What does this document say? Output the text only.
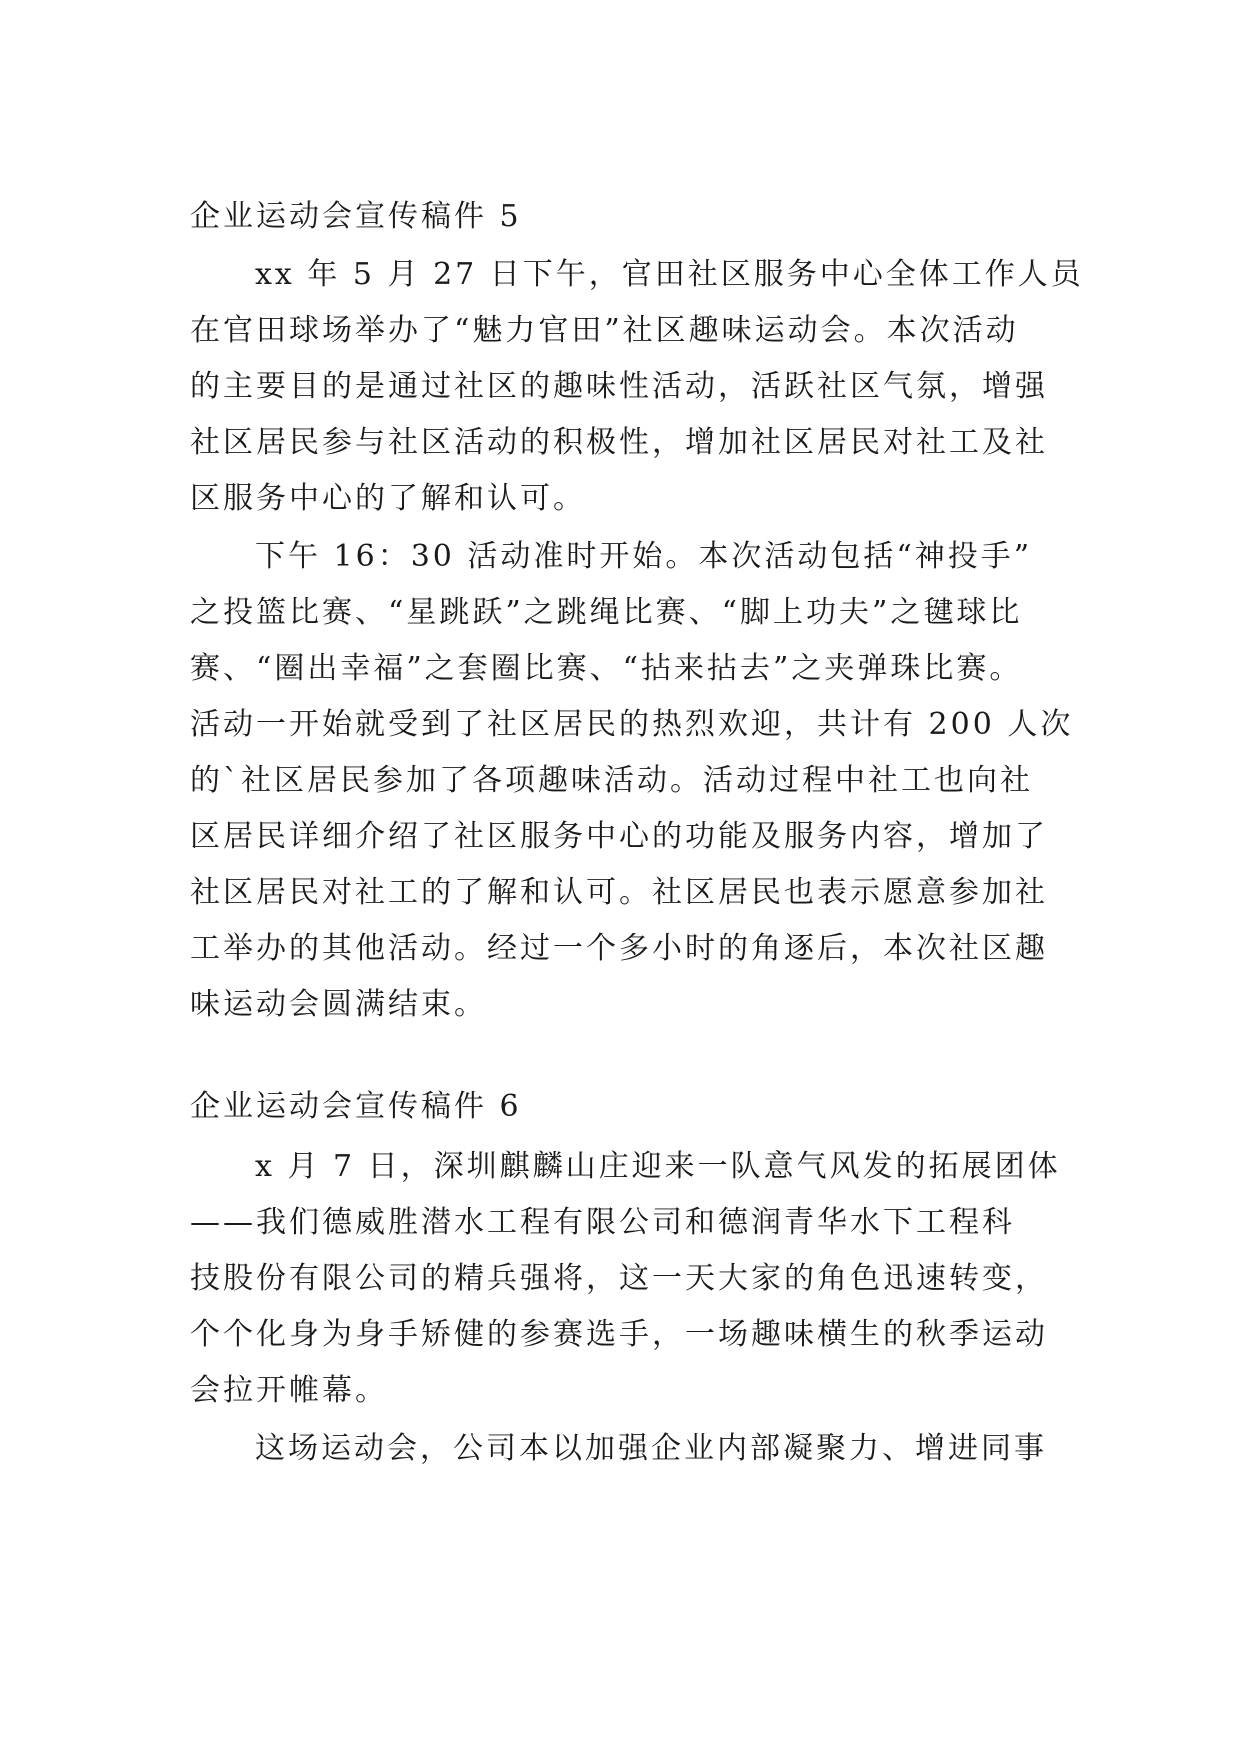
企业运动会宣传稿件 5
xx 年 5 月 27 日下午，官田社区服务中心全体工作人员
在官田球场举办了“魅力官田”社区趣味运动会。本次活动
的主要目的是通过社区的趣味性活动，活跃社区气氛，增强
社区居民参与社区活动的积极性，增加社区居民对社工及社
区服务中心的了解和认可。
下午 16：30 活动准时开始。本次活动包括“神投手”
之投篮比赛、“星跳跃”之跳绳比赛、“脚上功夫”之毽球比
赛、“圈出幸福”之套圈比赛、“拈来拈去”之夹弹珠比赛。
活动一开始就受到了社区居民的热烈欢迎，共计有 200 人次
的`社区居民参加了各项趣味活动。活动过程中社工也向社
区居民详细介绍了社区服务中心的功能及服务内容，增加了
社区居民对社工的了解和认可。社区居民也表示愿意参加社
工举办的其他活动。经过一个多小时的角逐后，本次社区趣
味运动会圆满结束。
企业运动会宣传稿件 6
x 月 7 日，深圳麒麟山庄迎来一队意气风发的拓展团体
——我们德威胜潜水工程有限公司和德润青华水下工程科
技股份有限公司的精兵强将，这一天大家的角色迅速转变，
个个化身为身手矫健的参赛选手，一场趣味横生的秋季运动
会拉开帷幕。
这场运动会，公司本以加强企业内部凝聚力、增进同事
